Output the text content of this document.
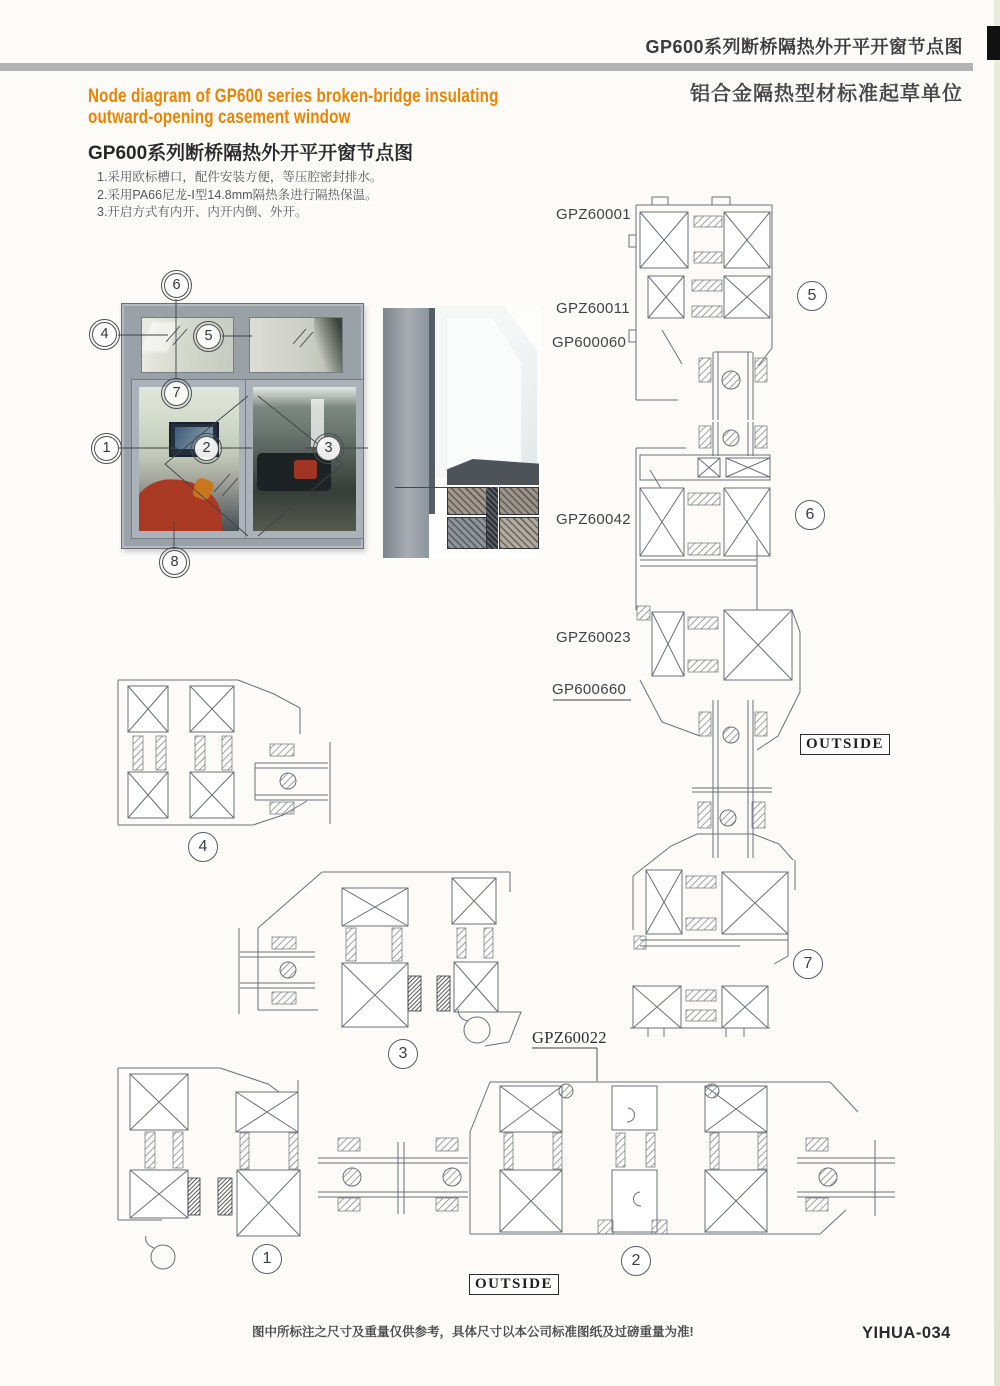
GP600系列断桥隔热外开平开窗节点图
铝合金隔热型材标准起草单位
Node diagram of GP600 series broken-bridge insulating
outward-opening casement window
GP600系列断桥隔热外开平开窗节点图
1.采用欧标槽口，配件安装方便，等压腔密封排水。
2.采用PA66尼龙-Ⅰ型14.8mm隔热条进行隔热保温。
3.开启方式有内开、内开内倒、外开。	GPZ60001
GPZ60011
GP600060
GPZ60042
GPZ60023
GP600660
GPZ60022
OUTSIDE
OUTSIDE
6
4	5
7
1	2	3
8
5
6
7
4
3
1	2
图中所标注之尺寸及重量仅供参考，具体尺寸以本公司标准图纸及过磅重量为准!	YIHUA-034
